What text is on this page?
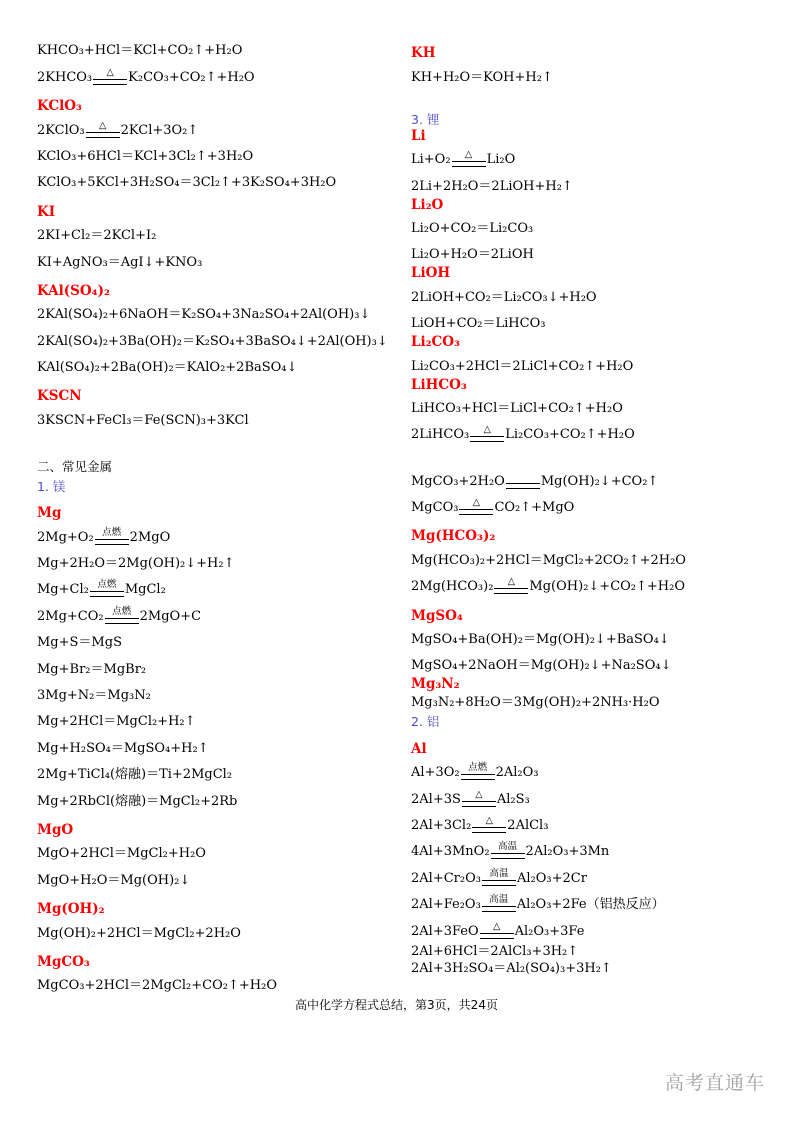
KHCO₃+HCl＝KCl+CO₂↑+H₂O
2KHCO₃ △ K₂CO₃+CO₂↑+H₂O
KClO₃
2KClO₃ △ 2KCl+3O₂↑
KClO₃+6HCl＝KCl+3Cl₂↑+3H₂O
KClO₃+5KCl+3H₂SO₄＝3Cl₂↑+3K₂SO₄+3H₂O
KI
2KI+Cl₂＝2KCl+I₂
KI+AgNO₃＝AgI↓+KNO₃
KAl(SO₄)₂
2KAl(SO₄)₂+6NaOH＝K₂SO₄+3Na₂SO₄+2Al(OH)₃↓
2KAl(SO₄)₂+3Ba(OH)₂＝K₂SO₄+3BaSO₄↓+2Al(OH)₃↓
KAl(SO₄)₂+2Ba(OH)₂＝KAlO₂+2BaSO₄↓
KSCN
3KSCN+FeCl₃＝Fe(SCN)₃+3KCl
二、常见金属
1. 镁
Mg
2Mg+O₂ 点燃 2MgO
Mg+2H₂O＝2Mg(OH)₂↓+H₂↑
Mg+Cl₂ 点燃 MgCl₂
2Mg+CO₂ 点燃 2MgO+C
Mg+S＝MgS
Mg+Br₂＝MgBr₂
3Mg+N₂＝Mg₃N₂
Mg+2HCl＝MgCl₂+H₂↑
Mg+H₂SO₄＝MgSO₄+H₂↑
2Mg+TiCl₄(熔融)＝Ti+2MgCl₂
Mg+2RbCl(熔融)＝MgCl₂+2Rb
MgO
MgO+2HCl＝MgCl₂+H₂O
MgO+H₂O＝Mg(OH)₂↓
Mg(OH)₂
Mg(OH)₂+2HCl＝MgCl₂+2H₂O
MgCO₃
MgCO₃+2HCl＝2MgCl₂+CO₂↑+H₂O
KH
KH+H₂O＝KOH+H₂↑
3. 锂
Li
Li+O₂ △ Li₂O
2Li+2H₂O＝2LiOH+H₂↑
Li₂O
Li₂O+CO₂＝Li₂CO₃
Li₂O+H₂O＝2LiOH
LiOH
2LiOH+CO₂＝Li₂CO₃↓+H₂O
LiOH+CO₂＝LiHCO₃
Li₂CO₃
Li₂CO₃+2HCl＝2LiCl+CO₂↑+H₂O
LiHCO₃
LiHCO₃+HCl＝LiCl+CO₂↑+H₂O
2LiHCO₃ △ Li₂CO₃+CO₂↑+H₂O
MgCO₃+2H₂O
	Mg(OH)₂↓+CO₂↑
MgCO₃ △ CO₂↑+MgO
Mg(HCO₃)₂
Mg(HCO₃)₂+2HCl＝MgCl₂+2CO₂↑+2H₂O
2Mg(HCO₃)₂ △ Mg(OH)₂↓+CO₂↑+H₂O
MgSO₄
MgSO₄+Ba(OH)₂＝Mg(OH)₂↓+BaSO₄↓
MgSO₄+2NaOH＝Mg(OH)₂↓+Na₂SO₄↓
Mg₃N₂
Mg₃N₂+8H₂O＝3Mg(OH)₂+2NH₃·H₂O
2. 铝
Al
Al+3O₂ 点燃 2Al₂O₃
2Al+3S △ Al₂S₃
2Al+3Cl₂ △ 2AlCl₃
4Al+3MnO₂ 高温 2Al₂O₃+3Mn
2Al+Cr₂O₃ 高温 Al₂O₃+2Cr
2Al+Fe₂O₃ 高温 Al₂O₃+2Fe（铝热反应）
2Al+3FeO △ Al₂O₃+3Fe
2Al+6HCl＝2AlCl₃+3H₂↑
2Al+3H₂SO₄＝Al₂(SO₄)₃+3H₂↑
高中化学方程式总结，第3页，共24页
高考直通车
